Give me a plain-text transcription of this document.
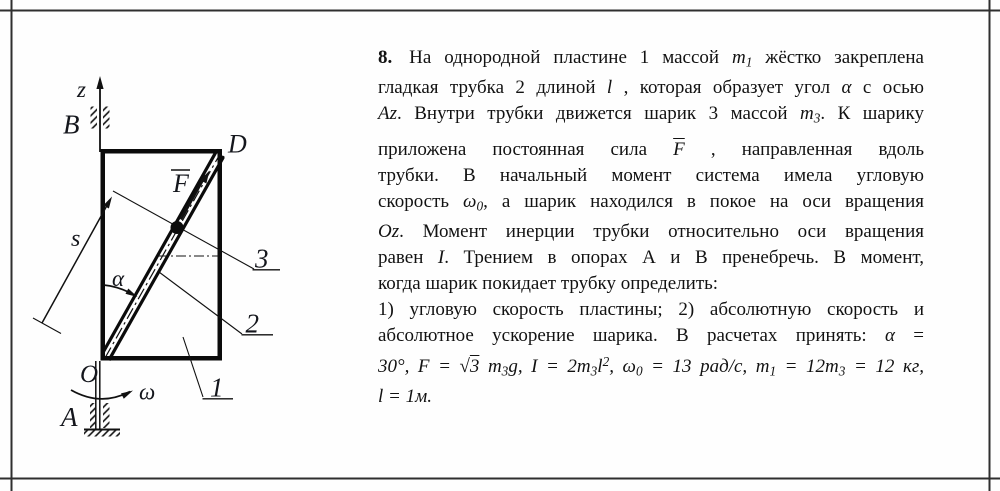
z
B
A
O
D
F
s
α
ω 1
2
3
8. На однородной пластине 1 массой m1 жёстко закреплена
гладкая трубка 2 длиной l , которая образует угол α с осью
Az. Внутри трубки движется шарик 3 массой m3. К шарику
приложена постоянная сила $\overline{F}$ , направленная вдоль
трубки. В начальный момент система имела угловую
скорость ω0, а шарик находился в покое на оси вращения
Oz. Момент инерции трубки относительно оси вращения
равен I. Трением в опорах А и В пренебречь. В момент,
когда шарик покидает трубку определить:
1) угловую скорость пластины; 2) абсолютную скорость и
абсолютное ускорение шарика. В расчетах принять: α =
30°, F = √3 m3g, $I = 2m3l^2$, ω0 = 13 рад/с, m1 = 12m3 = 12 кг,
l = 1м.
